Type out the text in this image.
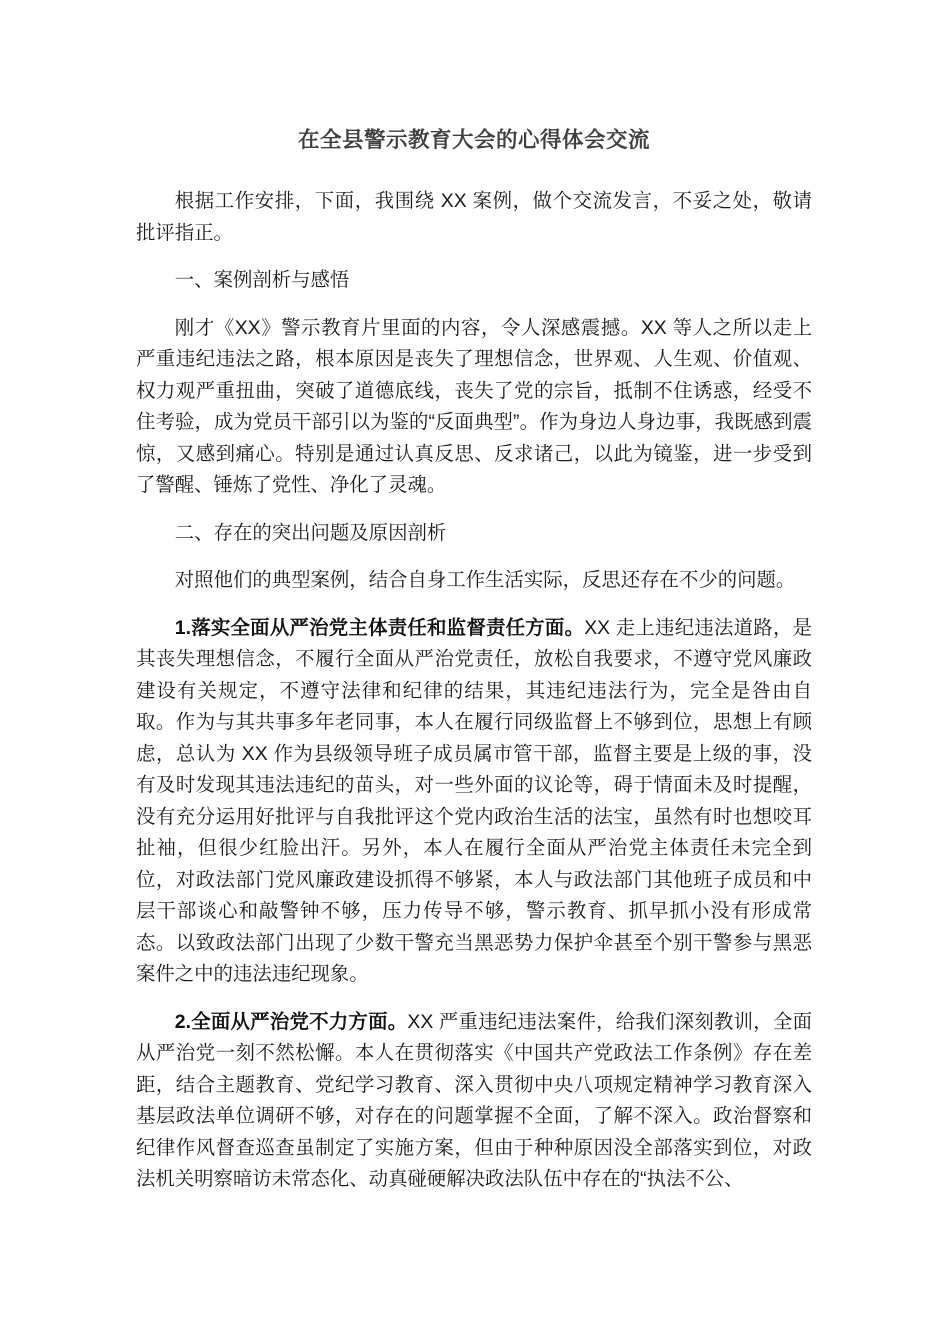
在全县警示教育大会的心得体会交流

根据工作安排，下面，我围绕 XX 案例，做个交流发言，不妥之处，敬请批评指正。

一、案例剖析与感悟

刚才《XX》警示教育片里面的内容，令人深感震撼。XX 等人之所以走上严重违纪违法之路，根本原因是丧失了理想信念，世界观、人生观、价值观、权力观严重扭曲，突破了道德底线，丧失了党的宗旨，抵制不住诱惑，经受不住考验，成为党员干部引以为鉴的“反面典型”。作为身边人身边事，我既感到震惊，又感到痛心。特别是通过认真反思、反求诸己，以此为镜鉴，进一步受到了警醒、锤炼了党性、净化了灵魂。

二、存在的突出问题及原因剖析

对照他们的典型案例，结合自身工作生活实际，反思还存在不少的问题。

1.落实全面从严治党主体责任和监督责任方面。XX 走上违纪违法道路，是其丧失理想信念，不履行全面从严治党责任，放松自我要求，不遵守党风廉政建设有关规定，不遵守法律和纪律的结果，其违纪违法行为，完全是咎由自取。作为与其共事多年老同事，本人在履行同级监督上不够到位，思想上有顾虑，总认为 XX 作为县级领导班子成员属市管干部，监督主要是上级的事，没有及时发现其违法违纪的苗头，对一些外面的议论等，碍于情面未及时提醒，没有充分运用好批评与自我批评这个党内政治生活的法宝，虽然有时也想咬耳扯袖，但很少红脸出汗。另外，本人在履行全面从严治党主体责任未完全到位，对政法部门党风廉政建设抓得不够紧，本人与政法部门其他班子成员和中层干部谈心和敲警钟不够，压力传导不够，警示教育、抓早抓小没有形成常态。以致政法部门出现了少数干警充当黑恶势力保护伞甚至个别干警参与黑恶案件之中的违法违纪现象。

2.全面从严治党不力方面。XX 严重违纪违法案件，给我们深刻教训，全面从严治党一刻不然松懈。本人在贯彻落实《中国共产党政法工作条例》存在差距，结合主题教育、党纪学习教育、深入贯彻中央八项规定精神学习教育深入基层政法单位调研不够，对存在的问题掌握不全面，了解不深入。政治督察和纪律作风督查巡查虽制定了实施方案，但由于种种原因没全部落实到位，对政法机关明察暗访未常态化、动真碰硬解决政法队伍中存在的“执法不公、
